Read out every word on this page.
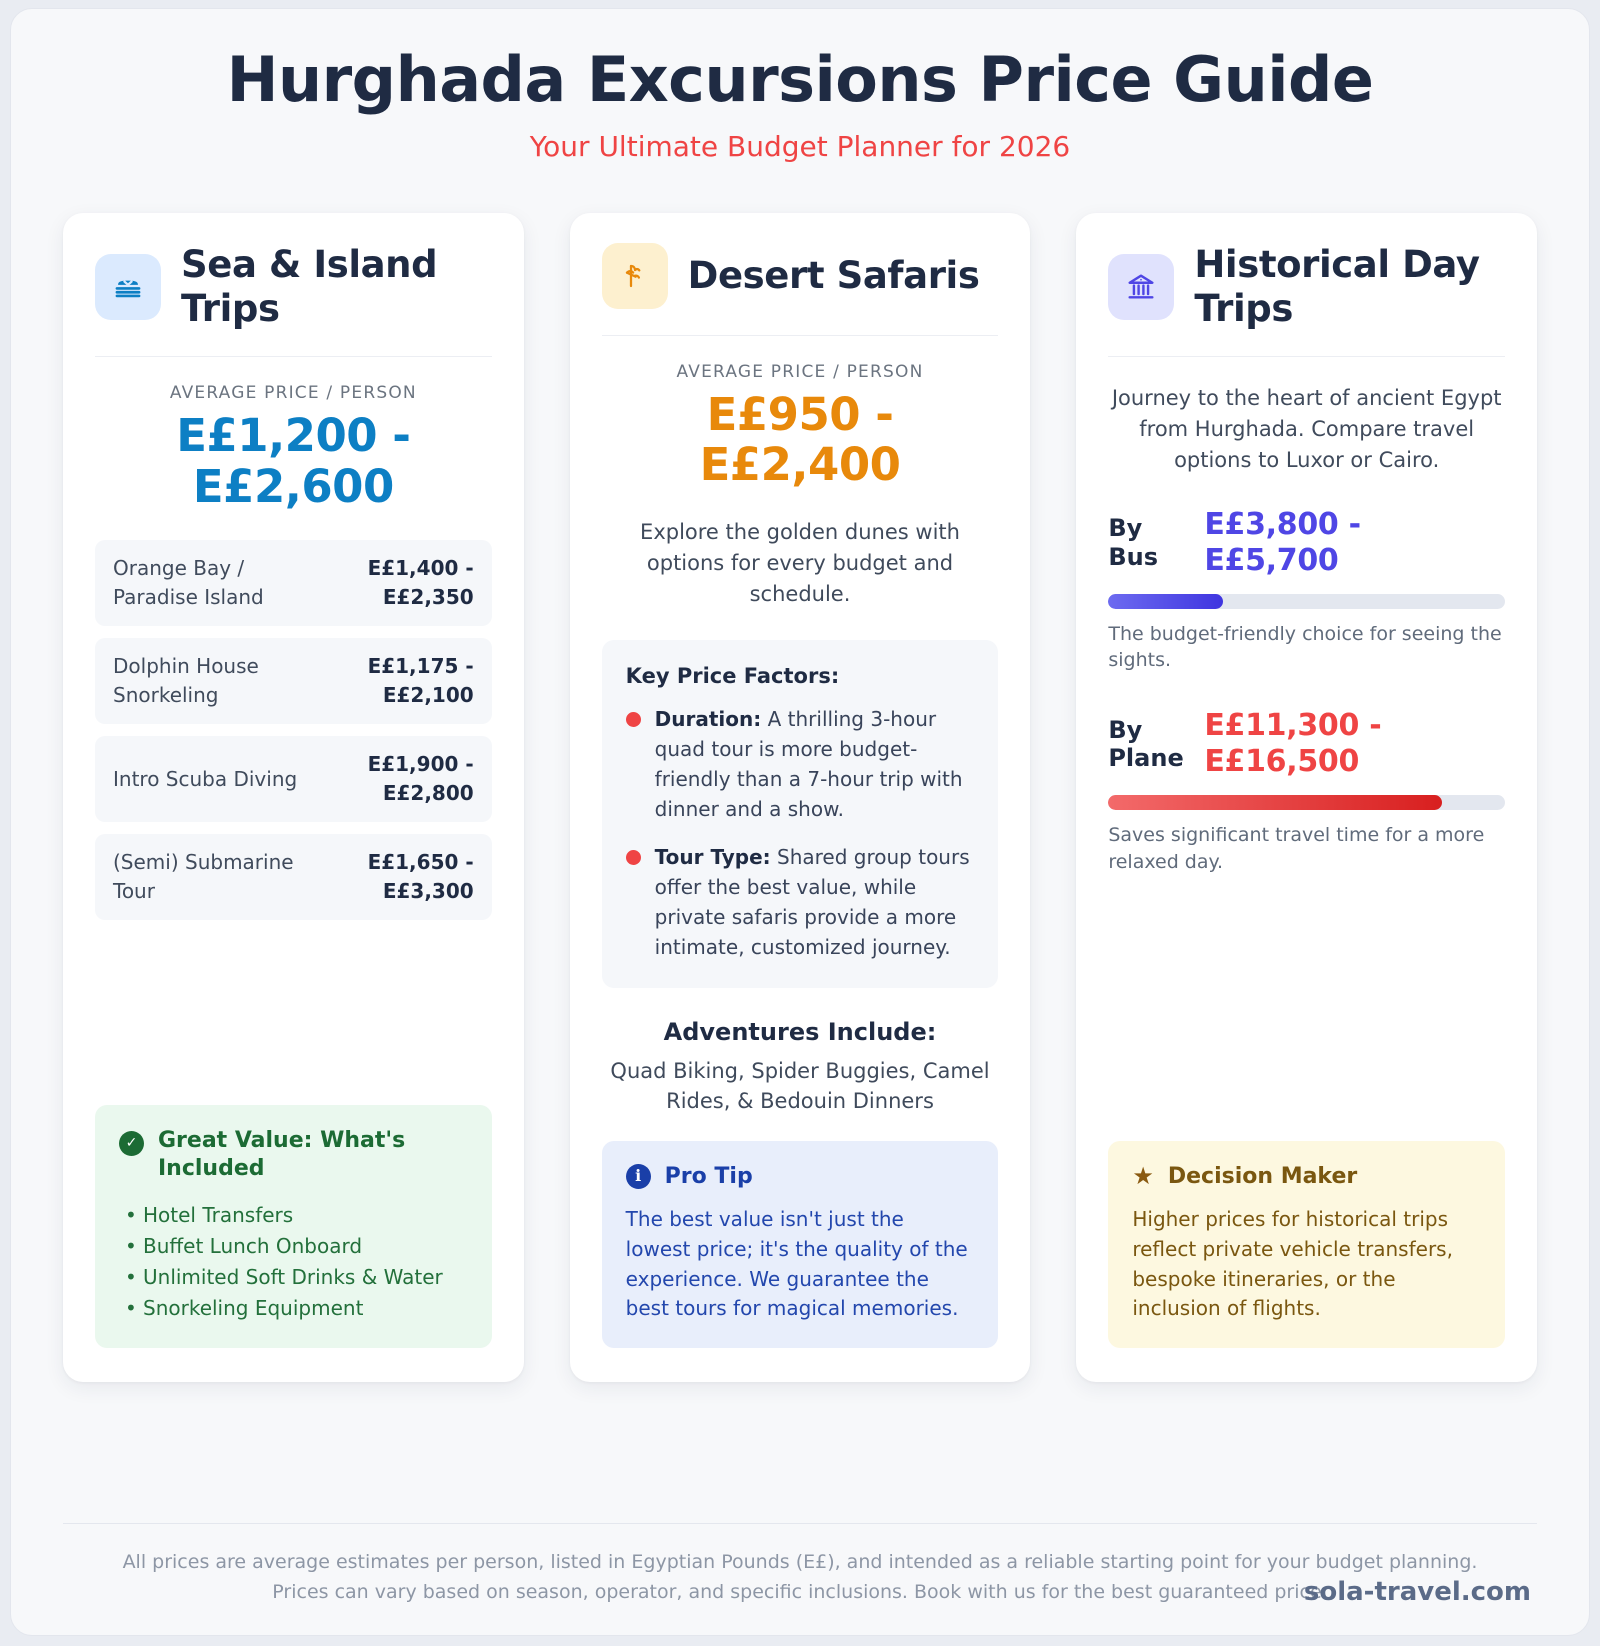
Hurghada Excursions Price Guide
Your Ultimate Budget Planner for 2026
Sea & Island Trips
AVERAGE PRICE / PERSON
E£1,200 - E£2,600
Orange Bay / Paradise Island
E£1,400 - E£2,350
Dolphin House Snorkeling
E£1,175 - E£2,100
Intro Scuba Diving
E£1,900 - E£2,800
(Semi) Submarine Tour
E£1,650 - E£3,300
✓ Great Value: What's Included
• Hotel Transfers
• Buffet Lunch Onboard
• Unlimited Soft Drinks & Water
• Snorkeling Equipment
Desert Safaris
AVERAGE PRICE / PERSON
E£950 - E£2,400
Explore the golden dunes with options for every budget and schedule.
Key Price Factors:
Duration: A thrilling 3-hour quad tour is more budget-friendly than a 7-hour trip with dinner and a show.
Tour Type: Shared group tours offer the best value, while private safaris provide a more intimate, customized journey.
Adventures Include:
Quad Biking, Spider Buggies, Camel Rides, & Bedouin Dinners
i	Pro Tip
The best value isn't just the lowest price; it's the quality of the experience. We guarantee the best tours for magical memories.
Historical Day Trips
Journey to the heart of ancient Egypt from Hurghada. Compare travel options to Luxor or Cairo.
By Bus
E£3,800 - E£5,700
The budget-friendly choice for seeing the sights.
By Plane
E£11,300 - E£16,500
Saves significant travel time for a more relaxed day.
★ Decision Maker
Higher prices for historical trips reflect private vehicle transfers, bespoke itineraries, or the inclusion of flights.
All prices are average estimates per person, listed in Egyptian Pounds (E£), and intended as a reliable starting point for your budget planning.
Prices can vary based on season, operator, and specific inclusions. Book with us for the best guaranteed price.
sola-travel.com
